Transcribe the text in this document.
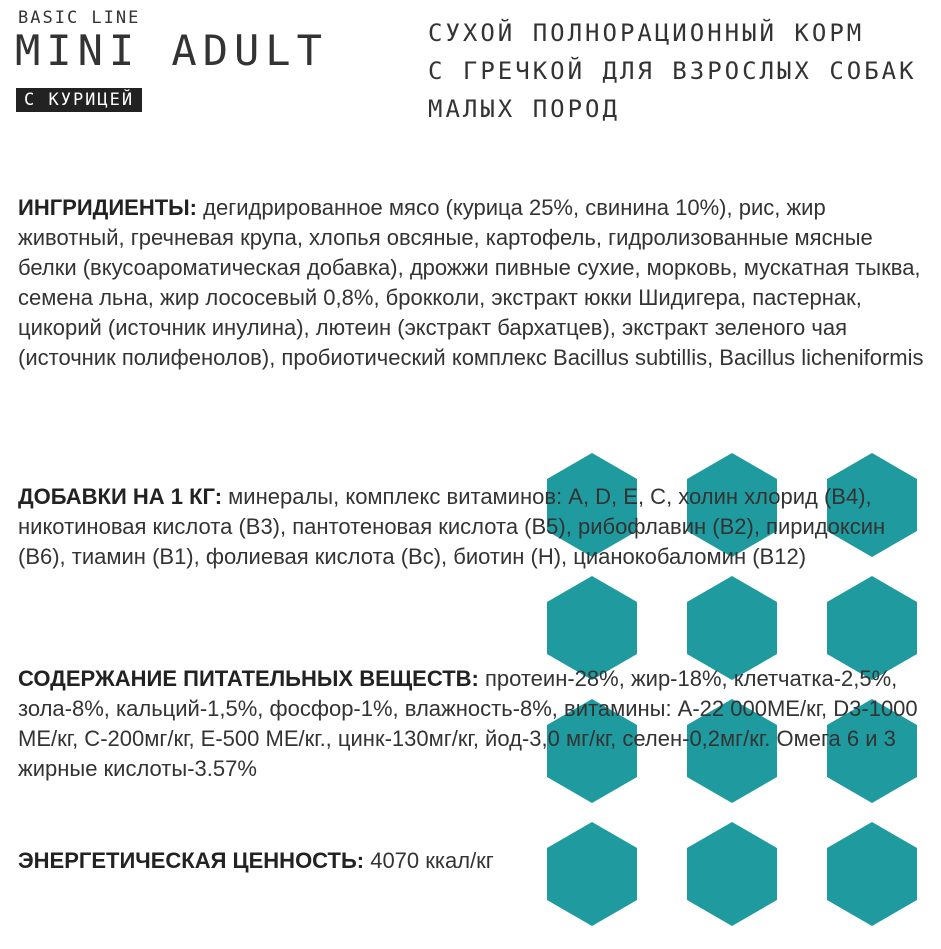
BASIC LINE
MINI ADULT
С КУРИЦЕЙ
СУХОЙ ПОЛНОРАЦИОННЫЙ КОРМ
С ГРЕЧКОЙ ДЛЯ ВЗРОСЛЫХ СОБАК
МАЛЫХ ПОРОД
ИНГРИДИЕНТЫ: дегидрированное мясо (курица 25%, свинина 10%), рис, жир животный, гречневая крупа, хлопья овсяные, картофель, гидролизованные мясные белки (вкусоароматическая добавка), дрожжи пивные сухие, морковь, мускатная тыква, семена льна, жир лососевый 0,8%, брокколи, экстракт юкки Шидигера, пастернак, цикорий (источник инулина), лютеин (экстракт бархатцев), экстракт зеленого чая (источник полифенолов), пробиотический комплекс Bacillus subtillis, Bacillus licheniformis
ДОБАВКИ НА 1 КГ: минералы, комплекс витаминов: A, D, E, C, холин хлорид (В4), никотиновая кислота (В3), пантотеновая кислота (В5), рибофлавин (В2), пиридоксин (В6), тиамин (В1), фолиевая кислота (Вс), биотин (Н), цианокобаломин (В12)
СОДЕРЖАНИЕ ПИТАТЕЛЬНЫХ ВЕЩЕСТВ: протеин-28%, жир-18%, клетчатка-2,5%, зола-8%, кальций-1,5%, фосфор-1%, влажность-8%, витамины: А-22 000МЕ/кг, D3-1000 МЕ/кг, С-200мг/кг, Е-500 МЕ/кг., цинк-130мг/кг, йод-3,0 мг/кг, селен-0,2мг/кг. Омега 6 и 3 жирные кислоты-3.57%
ЭНЕРГЕТИЧЕСКАЯ ЦЕННОСТЬ: 4070 ккал/кг
